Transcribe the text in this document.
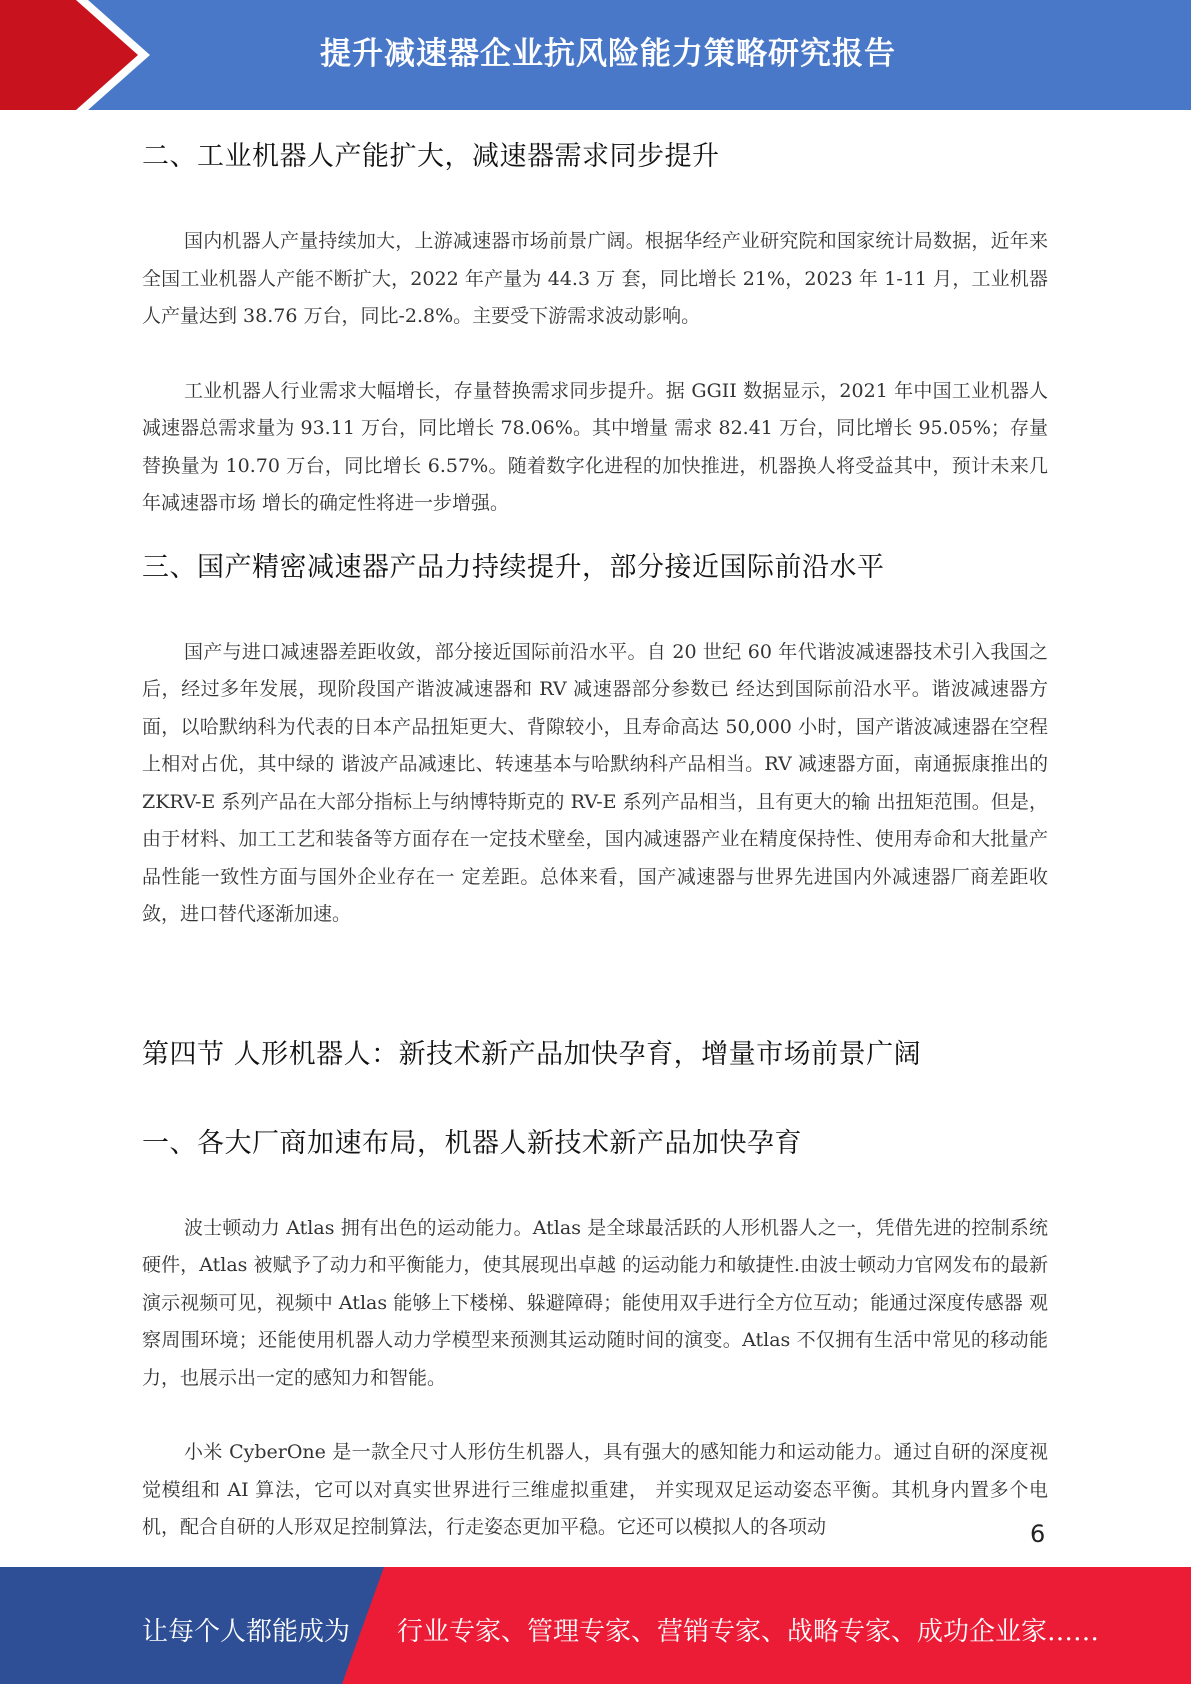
提升减速器企业抗风险能力策略研究报告
二、工业机器人产能扩大，减速器需求同步提升

国内机器人产量持续加大，上游减速器市场前景广阔。根据华经产业研究院和国家统计局数据，近年来全国工业机器人产能不断扩大，2022 年产量为 44.3 万 套，同比增长 21%，2023 年 1-11 月，工业机器人产量达到 38.76 万台，同比-2.8%。主要受下游需求波动影响。

工业机器人行业需求大幅增长，存量替换需求同步提升。据 GGII 数据显示，2021 年中国工业机器人减速器总需求量为 93.11 万台，同比增长 78.06%。其中增量 需求 82.41 万台，同比增长 95.05%；存量替换量为 10.70 万台，同比增长 6.57%。随着数字化进程的加快推进，机器换人将受益其中，预计未来几年减速器市场 增长的确定性将进一步增强。

三、国产精密减速器产品力持续提升，部分接近国际前沿水平

国产与进口减速器差距收敛，部分接近国际前沿水平。自 20 世纪 60 年代谐波减速器技术引入我国之后，经过多年发展，现阶段国产谐波减速器和 RV 减速器部分参数已 经达到国际前沿水平。谐波减速器方面，以哈默纳科为代表的日本产品扭矩更大、背隙较小，且寿命高达 50,000 小时，国产谐波减速器在空程上相对占优，其中绿的 谐波产品减速比、转速基本与哈默纳科产品相当。RV 减速器方面，南通振康推出的 ZKRV-E 系列产品在大部分指标上与纳博特斯克的 RV-E 系列产品相当，且有更大的输 出扭矩范围。但是，由于材料、加工工艺和装备等方面存在一定技术壁垒，国内减速器产业在精度保持性、使用寿命和大批量产品性能一致性方面与国外企业存在一 定差距。总体来看，国产减速器与世界先进国内外减速器厂商差距收敛，进口替代逐渐加速。

第四节 人形机器人：新技术新产品加快孕育，增量市场前景广阔
一、各大厂商加速布局，机器人新技术新产品加快孕育

波士顿动力 Atlas 拥有出色的运动能力。Atlas 是全球最活跃的人形机器人之一，凭借先进的控制系统硬件，Atlas 被赋予了动力和平衡能力，使其展现出卓越 的运动能力和敏捷性.由波士顿动力官网发布的最新演示视频可见，视频中 Atlas 能够上下楼梯、躲避障碍；能使用双手进行全方位互动；能通过深度传感器 观察周围环境；还能使用机器人动力学模型来预测其运动随时间的演变。Atlas 不仅拥有生活中常见的移动能力，也展示出一定的感知力和智能。

小米 CyberOne 是一款全尺寸人形仿生机器人，具有强大的感知能力和运动能力。通过自研的深度视觉模组和 AI 算法，它可以对真实世界进行三维虚拟重建， 并实现双足运动姿态平衡。其机身内置多个电机，配合自研的人形双足控制算法，行走姿态更加平稳。它还可以模拟人的各项动	6
让每个人都能成为 行业专家、管理专家、营销专家、战略专家、成功企业家……
